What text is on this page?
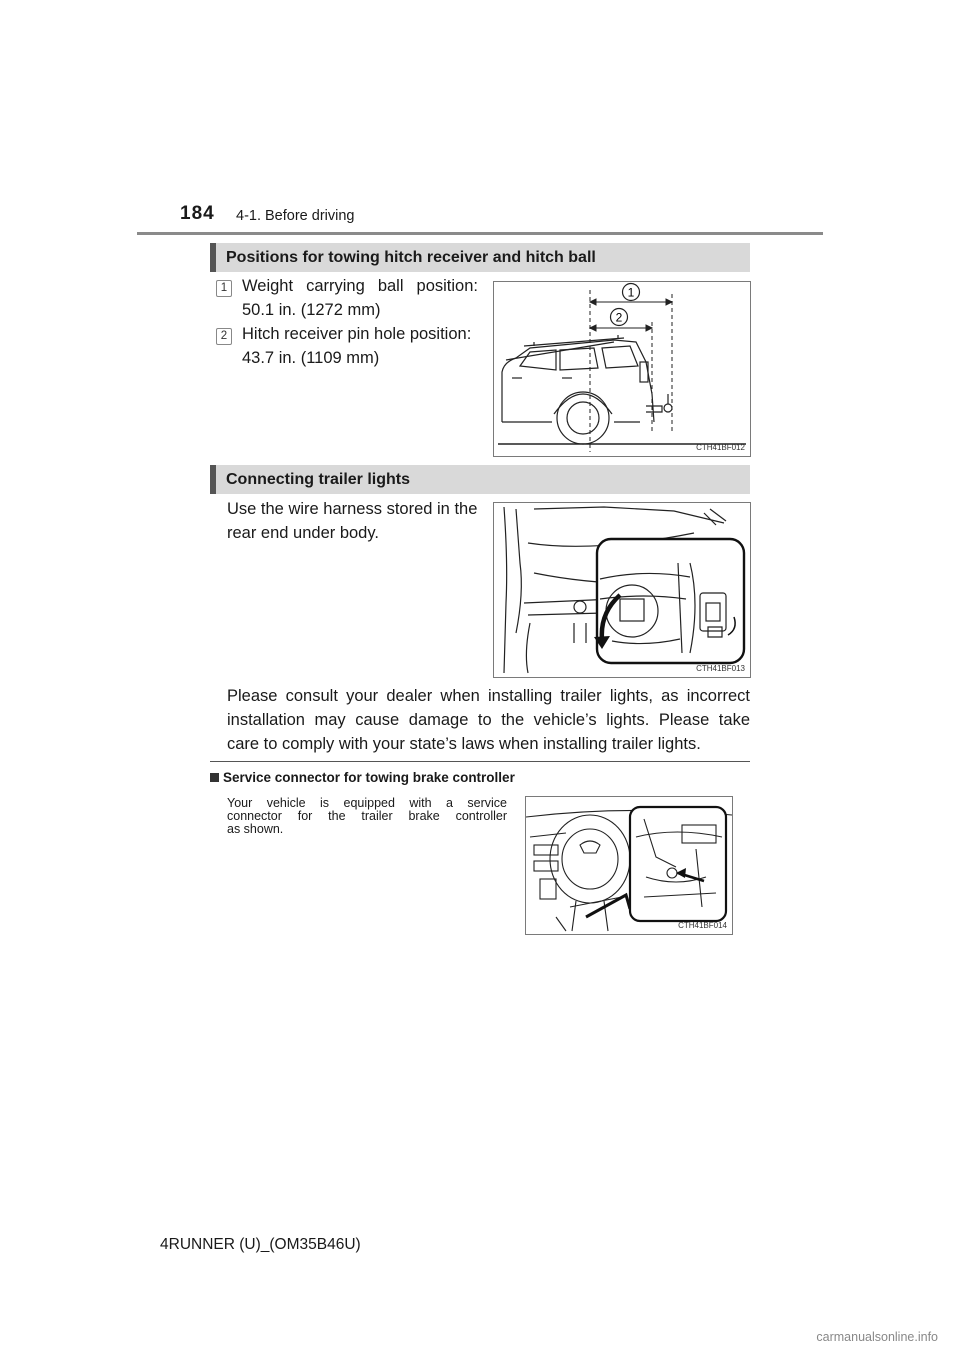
184 4-1. Before driving
Positions for towing hitch receiver and hitch ball
1 Weight carrying ball position:
50.1 in. (1272 mm)
2 Hitch receiver pin hole position:
43.7 in. (1109 mm)
1
2
CTH41BF012
Connecting trailer lights
Use the wire harness stored in the
rear end under body.
CTH41BF013
Please consult your dealer when installing trailer lights, as incorrect
installation may cause damage to the vehicle’s lights. Please take
care to comply with your state’s laws when installing trailer lights.
Service connector for towing brake controller
Your vehicle is equipped with a service
connector for the trailer brake controller
as shown.
CTH41BF014
4RUNNER (U)_(OM35B46U)
carmanualsonline.info
